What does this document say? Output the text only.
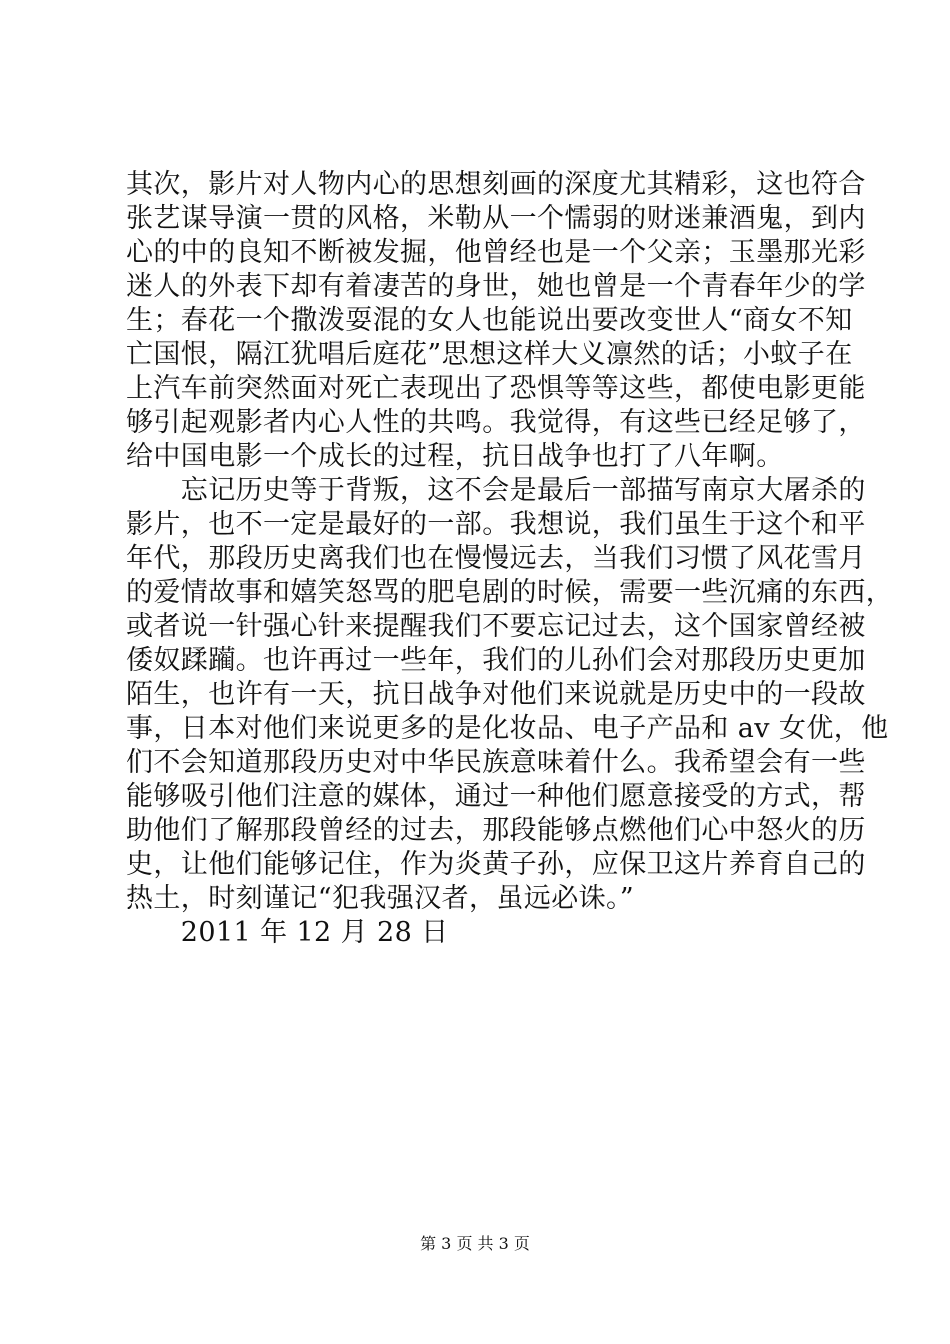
其次，影片对人物内心的思想刻画的深度尤其精彩，这也符合
张艺谋导演一贯的风格，米勒从一个懦弱的财迷兼酒鬼，到内
心的中的良知不断被发掘，他曾经也是一个父亲；玉墨那光彩
迷人的外表下却有着凄苦的身世，她也曾是一个青春年少的学
生；春花一个撒泼耍混的女人也能说出要改变世人“商女不知
亡国恨，隔江犹唱后庭花”思想这样大义凛然的话；小蚊子在
上汽车前突然面对死亡表现出了恐惧等等这些，都使电影更能
够引起观影者内心人性的共鸣。我觉得，有这些已经足够了，
给中国电影一个成长的过程，抗日战争也打了八年啊。
　　忘记历史等于背叛，这不会是最后一部描写南京大屠杀的
影片，也不一定是最好的一部。我想说，我们虽生于这个和平
年代，那段历史离我们也在慢慢远去，当我们习惯了风花雪月
的爱情故事和嬉笑怒骂的肥皂剧的时候，需要一些沉痛的东西，
或者说一针强心针来提醒我们不要忘记过去，这个国家曾经被
倭奴蹂躏。也许再过一些年，我们的儿孙们会对那段历史更加
陌生，也许有一天，抗日战争对他们来说就是历史中的一段故
事，日本对他们来说更多的是化妆品、电子产品和 av 女优，他
们不会知道那段历史对中华民族意味着什么。我希望会有一些
能够吸引他们注意的媒体，通过一种他们愿意接受的方式，帮
助他们了解那段曾经的过去，那段能够点燃他们心中怒火的历
史，让他们能够记住，作为炎黄子孙，应保卫这片养育自己的
热土，时刻谨记“犯我强汉者，虽远必诛。”
　　2011 年 12 月 28 日
第 3 页 共 3 页
